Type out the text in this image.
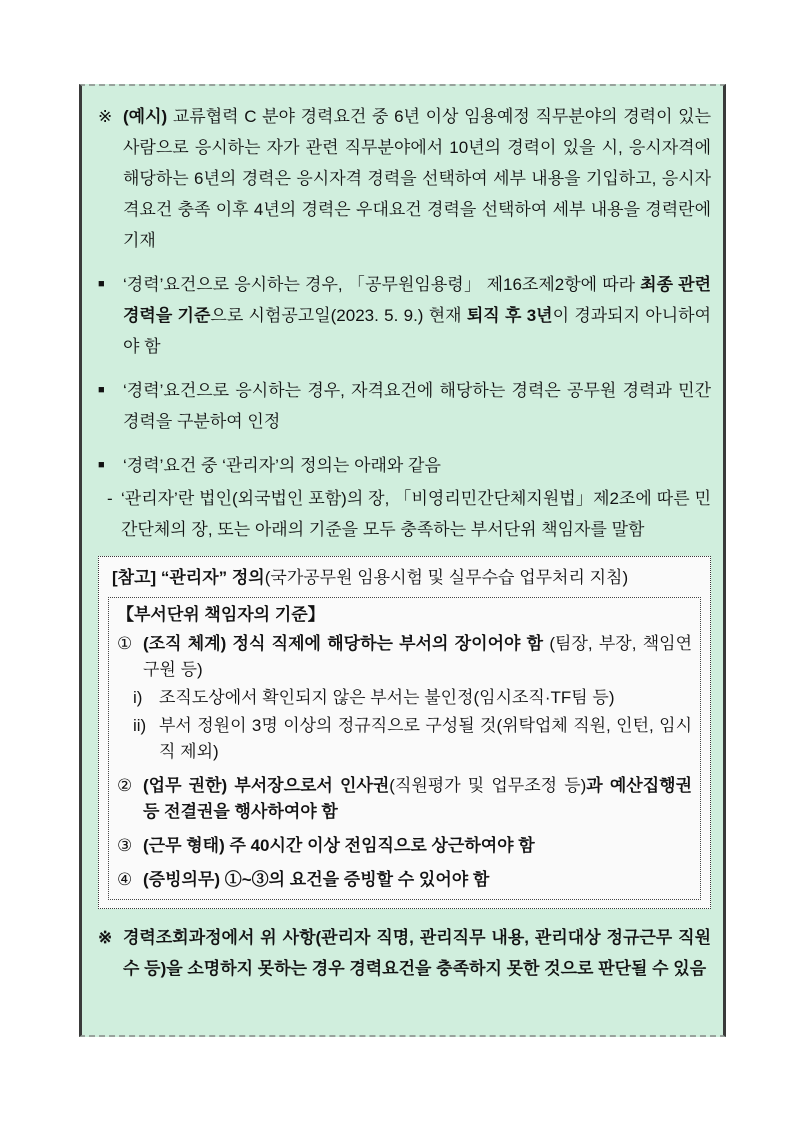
※ (예시) 교류협력 C 분야 경력요건 중 6년 이상 임용예정 직무분야의 경력이 있는 사람으로 응시하는 자가 관련 직무분야에서 10년의 경력이 있을 시, 응시자격에 해당하는 6년의 경력은 응시자격 경력을 선택하여 세부 내용을 기입하고, 응시자격요건 충족 이후 4년의 경력은 우대요건 경력을 선택하여 세부 내용을 경력란에 기재
■	‘경력’요건으로 응시하는 경우, 「공무원임용령」 제16조제2항에 따라 최종 관련경력을 기준으로 시험공고일(2023. 5. 9.) 현재 퇴직 후 3년이 경과되지 아니하여야 함
■	‘경력’요건으로 응시하는 경우, 자격요건에 해당하는 경력은 공무원 경력과 민간경력을 구분하여 인정
■	‘경력’요건 중 ‘관리자’의 정의는 아래와 같음
- ‘관리자’란 법인(외국법인 포함)의 장, 「비영리민간단체지원법」제2조에 따른 민간단체의 장, 또는 아래의 기준을 모두 충족하는 부서단위 책임자를 말함
[참고] “관리자” 정의(국가공무원 임용시험 및 실무수습 업무처리 지침)
【부서단위 책임자의 기준】
① (조직 체계) 정식 직제에 해당하는 부서의 장이어야 함 (팀장, 부장, 책임연구원 등)
i) 조직도상에서 확인되지 않은 부서는 불인정(임시조직·TF팀 등)
ii) 부서 정원이 3명 이상의 정규직으로 구성될 것(위탁업체 직원, 인턴, 임시직 제외)
② (업무 권한) 부서장으로서 인사권(직원평가 및 업무조정 등)과 예산집행권 등 전결권을 행사하여야 함
③ (근무 형태) 주 40시간 이상 전임직으로 상근하여야 함
④ (증빙의무) ①~③의 요건을 증빙할 수 있어야 함
※ 경력조회과정에서 위 사항(관리자 직명, 관리직무 내용, 관리대상 정규근무 직원수 등)을 소명하지 못하는 경우 경력요건을 충족하지 못한 것으로 판단될 수 있음
